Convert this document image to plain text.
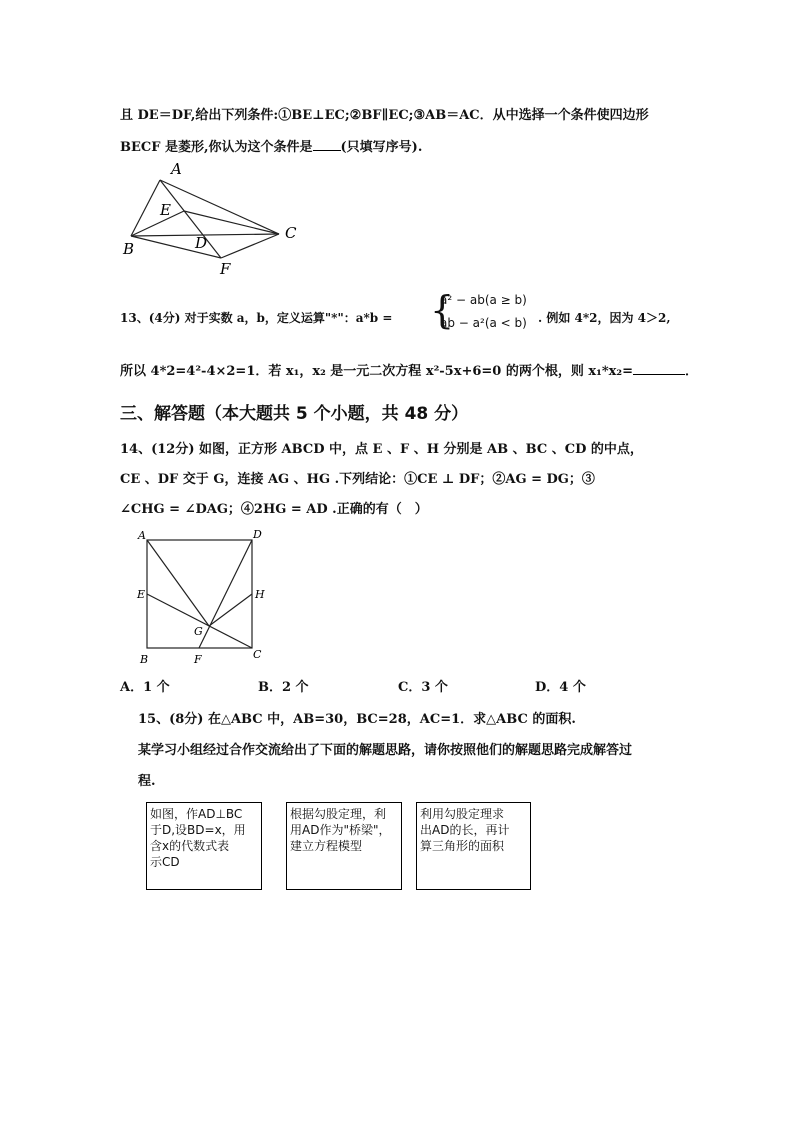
且 DE＝DF,给出下列条件:①BE⊥EC;②BF∥EC;③AB＝AC．从中选择一个条件使四边形
BECF 是菱形,你认为这个条件是 (只填写序号).
A
B
C
D
E
F
13、(4分) 对于实数 a，b，定义运算"*"：a*b = {
a² − ab(a ≥ b)
ab − a²(a < b) . 例如 4*2，因为 4＞2,
所以 4*2=4²-4×2=1．若 x₁，x₂ 是一元二次方程 x²-5x+6=0 的两个根，则 x₁*x₂=	．
三、解答题（本大题共 5 个小题，共 48 分）
14、(12分) 如图，正方形 ABCD 中，点 E 、F 、H 分别是 AB 、BC 、CD 的中点，
CE 、DF 交于 G，连接 AG 、HG .下列结论：①CE ⊥ DF；②AG = DG；③
∠CHG = ∠DAG；④2HG = AD .正确的有（　）
A	D
E	H
G
B	F	C
A．1 个	B．2 个	C．3 个	D．4 个
15、(8分) 在△ABC 中，AB=30，BC=28，AC=1．求△ABC 的面积.
某学习小组经过合作交流给出了下面的解题思路，请你按照他们的解题思路完成解答过
程.
如图，作AD⊥BC
于D,设BD=x，用
含x的代数式表
示CD
根据勾股定理，利
用AD作为"桥梁"，
建立方程模型
利用勾股定理求
出AD的长，再计
算三角形的面积
